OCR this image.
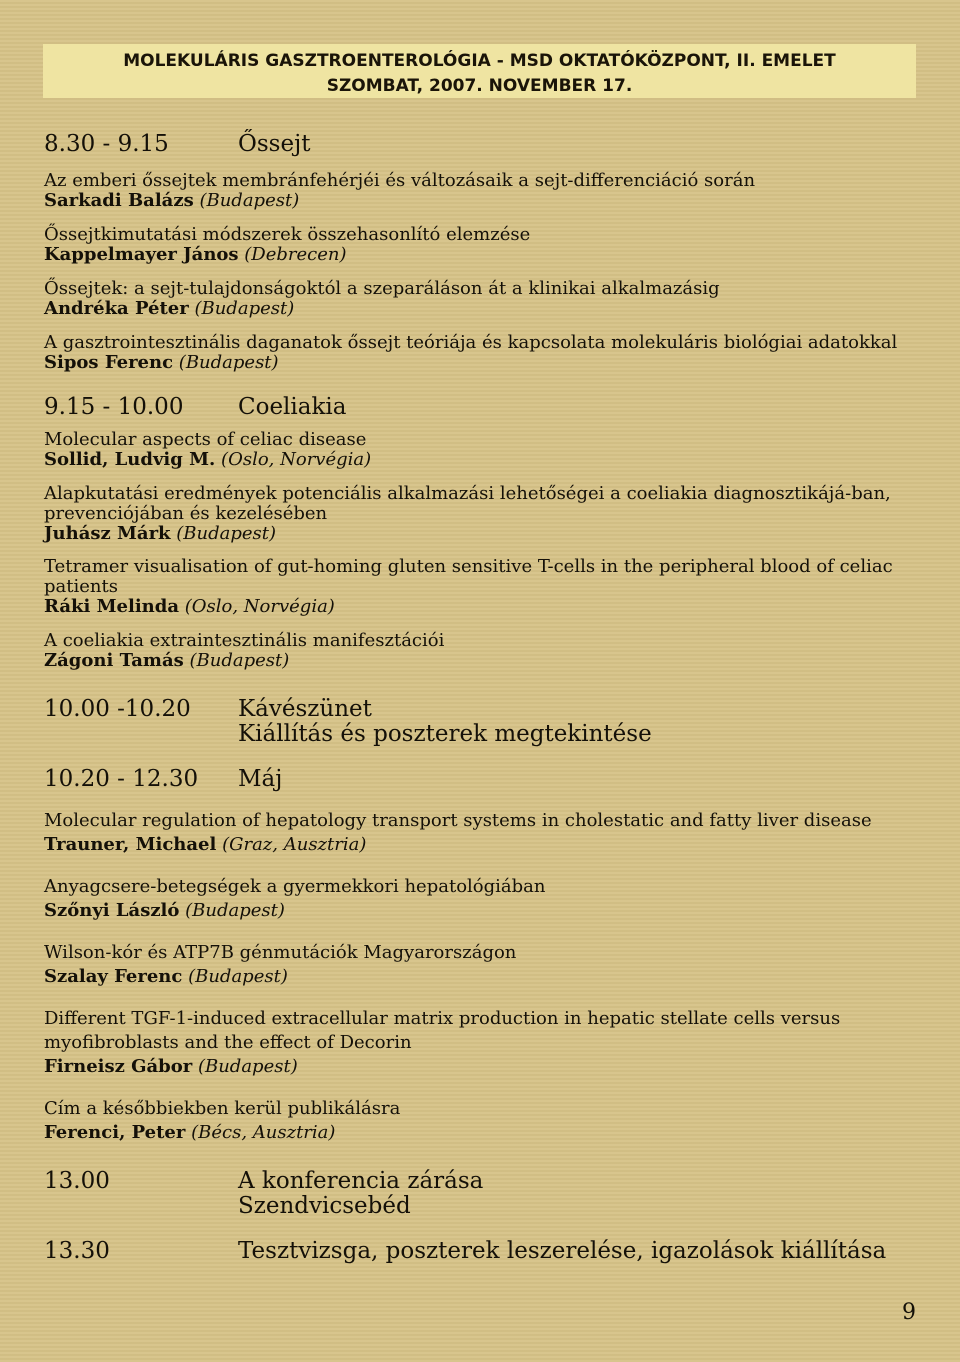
MOLEKULÁRIS GASZTROENTEROLÓGIA - MSD OKTATÓKÖZPONT, II. EMELET
SZOMBAT, 2007. NOVEMBER 17.
8.30 - 9.15	Őssejt
Az emberi őssejtek membránfehérjéi és változásaik a sejt-differenciáció során
Sarkadi Balázs (Budapest)
Őssejtkimutatási módszerek összehasonlító elemzése
Kappelmayer János (Debrecen)
Őssejtek: a sejt-tulajdonságoktól a szeparáláson át a klinikai alkalmazásig
Andréka Péter (Budapest)
A gasztrointesztinális daganatok őssejt teóriája és kapcsolata molekuláris biológiai adatokkal
Sipos Ferenc (Budapest)
9.15 - 10.00	Coeliakia
Molecular aspects of celiac disease
Sollid, Ludvig M. (Oslo, Norvégia)
Alapkutatási eredmények potenciális alkalmazási lehetőségei a coeliakia diagnosztikájá-ban, prevenciójában és kezelésében
Juhász Márk (Budapest)
Tetramer visualisation of gut-homing gluten sensitive T-cells in the peripheral blood of celiac patients
Ráki Melinda (Oslo, Norvégia)
A coeliakia extraintesztinális manifesztációi
Zágoni Tamás (Budapest)
10.00 -10.20	Kávészünet
Kiállítás és poszterek megtekintése
10.20 - 12.30	Máj
Molecular regulation of hepatology transport systems in cholestatic and fatty liver disease
Trauner, Michael (Graz, Ausztria)
Anyagcsere-betegségek a gyermekkori hepatológiában
Szőnyi László (Budapest)
Wilson-kór és ATP7B génmutációk Magyarországon
Szalay Ferenc (Budapest)
Different TGF-1-induced extracellular matrix production in hepatic stellate cells versus myofibroblasts and the effect of Decorin
Firneisz Gábor (Budapest)
Cím a későbbiekben kerül publikálásra
Ferenci, Peter (Bécs, Ausztria)
13.00	A konferencia zárása
Szendvicsebéd
13.30	Tesztvizsga, poszterek leszerelése, igazolások kiállítása
9
